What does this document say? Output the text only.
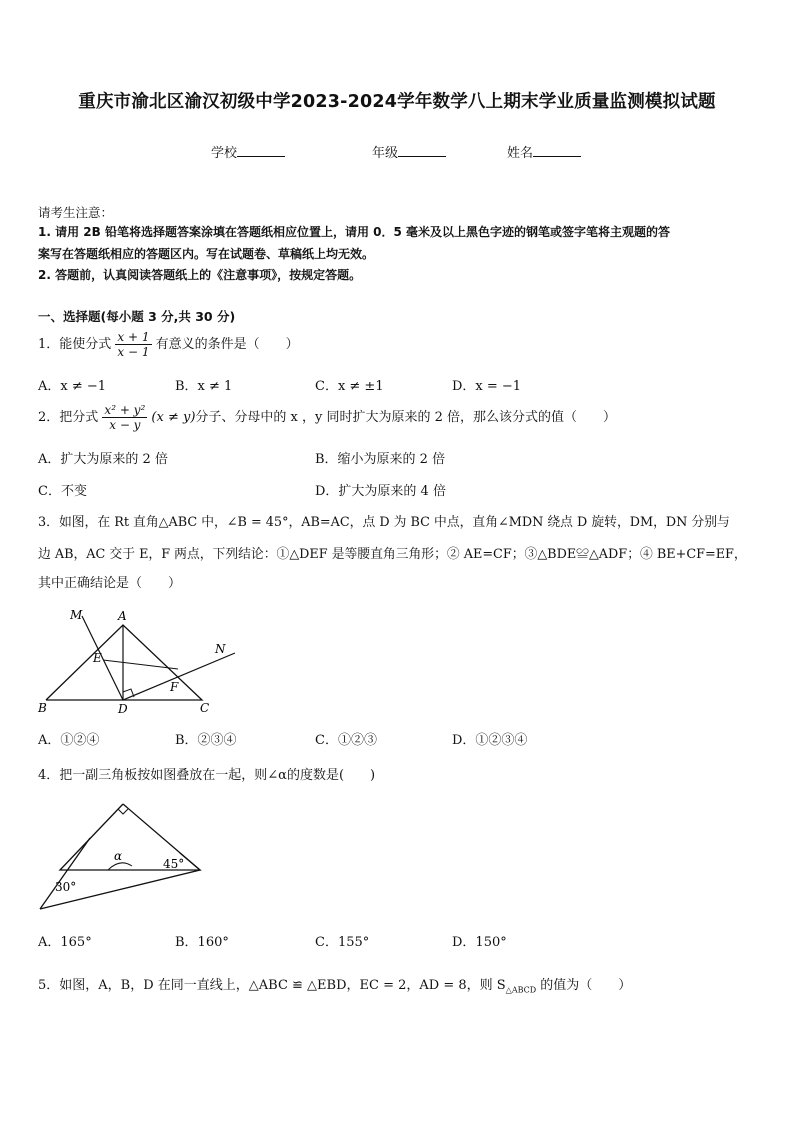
重庆市渝北区渝汉初级中学2023-2024学年数学八上期末学业质量监测模拟试题
学校	年级	姓名
请考生注意：
1. 请用 2B 铅笔将选择题答案涂填在答题纸相应位置上，请用 0．5 毫米及以上黑色字迹的钢笔或签字笔将主观题的答
案写在答题纸相应的答题区内。写在试题卷、草稿纸上均无效。
2. 答题前，认真阅读答题纸上的《注意事项》，按规定答题。
一、选择题(每小题 3 分,共 30 分)
1．能使分式 $\frac{x + 1}{x - 1}$ 有意义的条件是（　　）
A．x ≠ −1	B．x ≠ 1	C．x ≠ ±1	D．x = −1
2．把分式 $\frac{\text{x² + y²}}{x - y} (x \ne y)$分子、分母中的 x ，y 同时扩大为原来的 2 倍，那么该分式的值（　　）
A．扩大为原来的 2 倍	B．缩小为原来的 2 倍
C．不变	D．扩大为原来的 4 倍
3．如图，在 Rt 直角△ABC 中，∠B = 45°，AB=AC，点 D 为 BC 中点，直角∠MDN 绕点 D 旋转，DM，DN 分别与
边 AB，AC 交于 E，F 两点，下列结论：①△DEF 是等腰直角三角形；② AE=CF；③△BDE≌△ADF；④ BE+CF=EF，
其中正确结论是（　　）
M	A
N
E
F
B	D	C
A．①②④	B．②③④	C．①②③	D．①②③④
4．把一副三角板按如图叠放在一起，则∠α的度数是(　　)
α
45°
30°
A．165°	B．160°	C．155°	D．150°
5．如图，A，B，D 在同一直线上，△ABC ≌ △EBD，EC = 2，AD = 8，则 $S_{\triangle ABCD}$ 的值为（　　）
